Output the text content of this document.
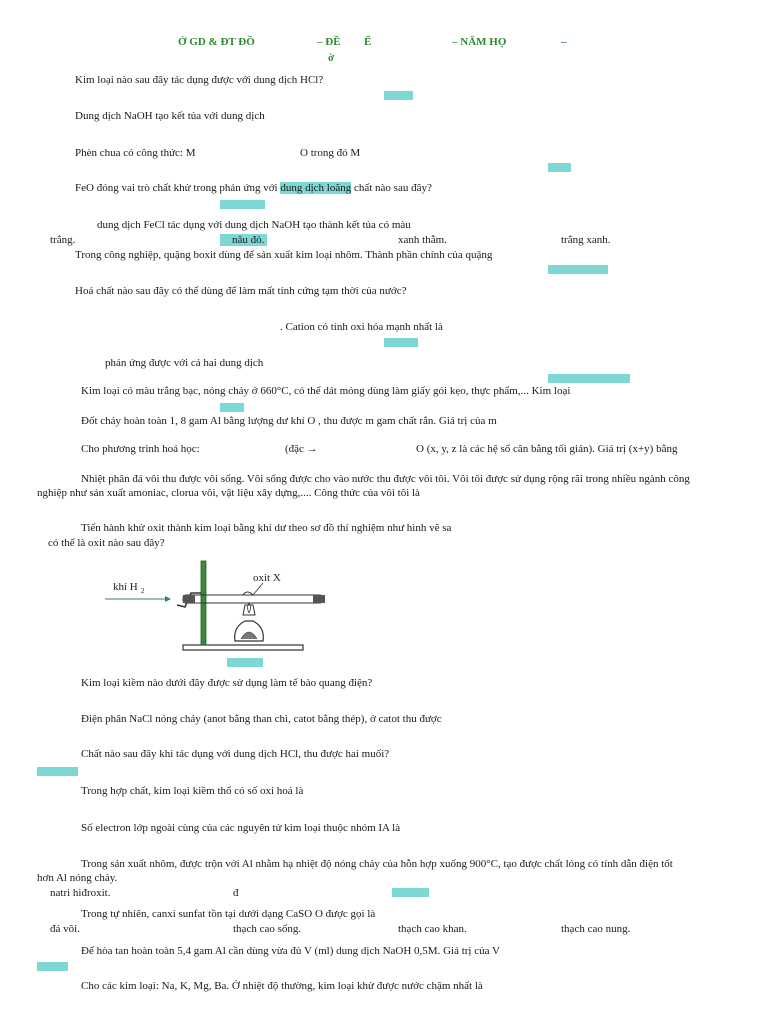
Ở GD & ĐT ĐỒ	– ĐỀ Ể	– NĂM HỌ	–
ờ
Kim loại nào sau đây tác dụng được với dung dịch HCl?
Dung dịch NaOH tạo kết tủa với dung dịch
Phèn chua có công thức: M	O trong đó M
FeO đóng vai trò chất khử trong phản ứng với dung dịch loãng chất nào sau đây?
dung dịch FeCl tác dụng với dung dịch NaOH tạo thành kết tủa có màu
trắng.	nâu đỏ.	xanh thẫm.	trắng xanh.
Trong công nghiệp, quặng boxit dùng để sản xuất kim loại nhôm. Thành phần chính của quặng
Hoá chất nào sau đây có thể dùng để làm mất tính cứng tạm thời của nước?
. Cation có tính oxi hóa mạnh nhất là
phản ứng được với cả hai dung dịch
Kim loại có màu trắng bạc, nóng chảy ở 660°C, có thể dát mỏng dùng làm giấy gói kẹo, thực phẩm,... Kim loại
Đốt cháy hoàn toàn 1, 8 gam Al bằng lượng dư khí O , thu được m gam chất rắn. Giá trị của m
Cho phương trình hoá học:	(đặc →	O (x, y, z là các hệ số cân bằng tối giản). Giá trị (x+y) bằng
Nhiệt phân đá vôi thu được vôi sống. Vôi sống được cho vào nước thu được vôi tôi. Vôi tôi được sử dụng rộng rãi trong nhiều ngành công
nghiệp như sản xuất amoniac, clorua vôi, vật liệu xây dựng,.... Công thức của vôi tôi là
Tiến hành khử oxit thành kim loại bằng khí dư theo sơ đồ thí nghiệm như hình vẽ sa
có thể là oxit nào sau đây?
khí H 2
oxit X
Kim loại kiềm nào dưới đây được sử dụng làm tế bào quang điện?
Điện phân NaCl nóng chảy (anot bằng than chì, catot bằng thép), ở catot thu được
Chất nào sau đây khi tác dụng với dung dịch HCl, thu được hai muối?
Trong hợp chất, kim loại kiềm thổ có số oxi hoá là
Số electron lớp ngoài cùng của các nguyên tử kim loại thuộc nhóm IA là
Trong sản xuất nhôm, được trộn với Al nhằm hạ nhiệt độ nóng chảy của hỗn hợp xuống 900°C, tạo được chất lỏng có tính dẫn điện tốt
hơn Al nóng chảy.
natri hiđroxit.	đ
Trong tự nhiên, canxi sunfat tồn tại dưới dạng CaSO O được gọi là
đá vôi.	thạch cao sống.	thạch cao khan.	thạch cao nung.
Để hòa tan hoàn toàn 5,4 gam Al cần dùng vừa đủ V (ml) dung dịch NaOH 0,5M. Giá trị của V
Cho các kim loại: Na, K, Mg, Ba. Ở nhiệt độ thường, kim loại khử được nước chậm nhất là
